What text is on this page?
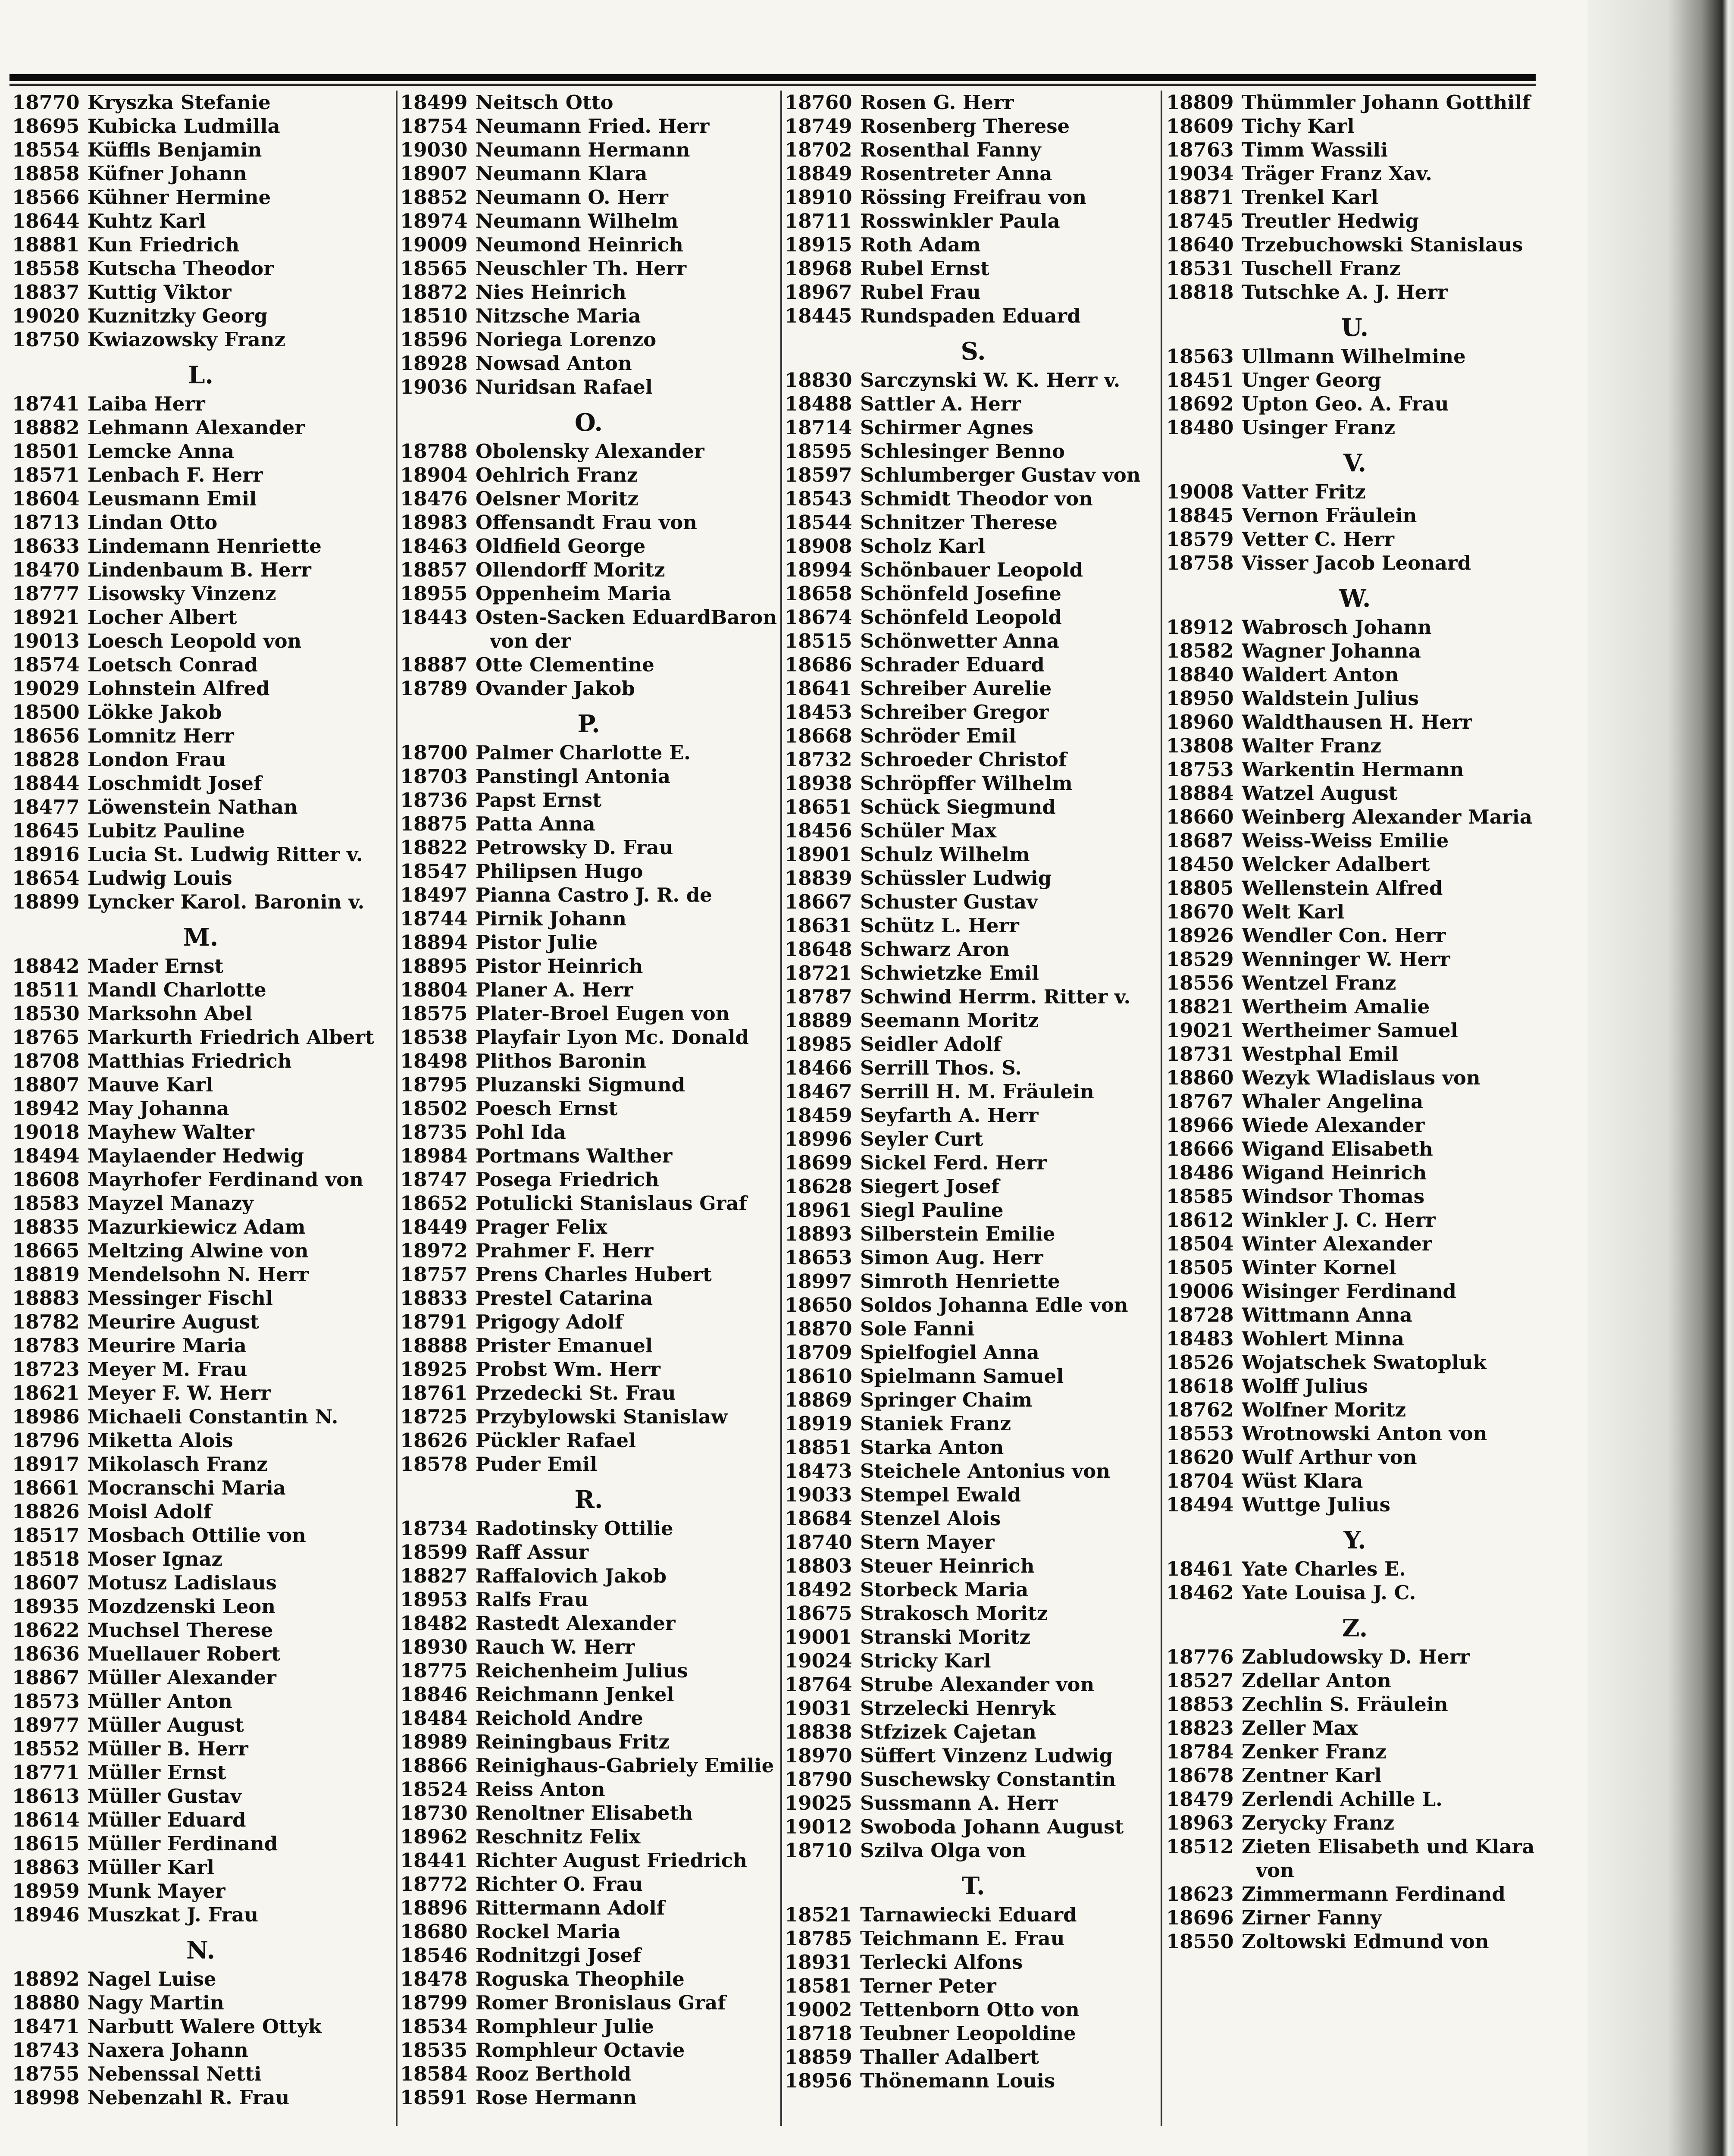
18770 Kryszka Stefanie
18695 Kubicka Ludmilla
18554 Küffls Benjamin
18858 Küfner Johann
18566 Kühner Hermine
18644 Kuhtz Karl
18881 Kun Friedrich
18558 Kutscha Theodor
18837 Kuttig Viktor
19020 Kuznitzky Georg
18750 Kwiazowsky Franz
L.
18741 Laiba Herr
18882 Lehmann Alexander
18501 Lemcke Anna
18571 Lenbach F. Herr
18604 Leusmann Emil
18713 Lindan Otto
18633 Lindemann Henriette
18470 Lindenbaum B. Herr
18777 Lisowsky Vinzenz
18921 Locher Albert
19013 Loesch Leopold von
18574 Loetsch Conrad
19029 Lohnstein Alfred
18500 Lökke Jakob
18656 Lomnitz Herr
18828 London Frau
18844 Loschmidt Josef
18477 Löwenstein Nathan
18645 Lubitz Pauline
18916 Lucia St. Ludwig Ritter v.
18654 Ludwig Louis
18899 Lyncker Karol. Baronin v.
M.
18842 Mader Ernst
18511 Mandl Charlotte
18530 Marksohn Abel
18765 Markurth Friedrich Albert
18708 Matthias Friedrich
18807 Mauve Karl
18942 May Johanna
19018 Mayhew Walter
18494 Maylaender Hedwig
18608 Mayrhofer Ferdinand von
18583 Mayzel Manazy
18835 Mazurkiewicz Adam
18665 Meltzing Alwine von
18819 Mendelsohn N. Herr
18883 Messinger Fischl
18782 Meurire August
18783 Meurire Maria
18723 Meyer M. Frau
18621 Meyer F. W. Herr
18986 Michaeli Constantin N.
18796 Miketta Alois
18917 Mikolasch Franz
18661 Mocranschi Maria
18826 Moisl Adolf
18517 Mosbach Ottilie von
18518 Moser Ignaz
18607 Motusz Ladislaus
18935 Mozdzenski Leon
18622 Muchsel Therese
18636 Muellauer Robert
18867 Müller Alexander
18573 Müller Anton
18977 Müller August
18552 Müller B. Herr
18771 Müller Ernst
18613 Müller Gustav
18614 Müller Eduard
18615 Müller Ferdinand
18863 Müller Karl
18959 Munk Mayer
18946 Muszkat J. Frau
N.
18892 Nagel Luise
18880 Nagy Martin
18471 Narbutt Walere Ottyk
18743 Naxera Johann
18755 Nebenssal Netti
18998 Nebenzahl R. Frau
18499 Neitsch Otto
18754 Neumann Fried. Herr
19030 Neumann Hermann
18907 Neumann Klara
18852 Neumann O. Herr
18974 Neumann Wilhelm
19009 Neumond Heinrich
18565 Neuschler Th. Herr
18872 Nies Heinrich
18510 Nitzsche Maria
18596 Noriega Lorenzo
18928 Nowsad Anton
19036 Nuridsan Rafael
O.
18788 Obolensky Alexander
18904 Oehlrich Franz
18476 Oelsner Moritz
18983 Offensandt Frau von
18463 Oldfield George
18857 Ollendorff Moritz
18955 Oppenheim Maria
18443 Osten-Sacken EduardBaron
von der
18887 Otte Clementine
18789 Ovander Jakob
P.
18700 Palmer Charlotte E.
18703 Panstingl Antonia
18736 Papst Ernst
18875 Patta Anna
18822 Petrowsky D. Frau
18547 Philipsen Hugo
18497 Pianna Castro J. R. de
18744 Pirnik Johann
18894 Pistor Julie
18895 Pistor Heinrich
18804 Planer A. Herr
18575 Plater-Broel Eugen von
18538 Playfair Lyon Mc. Donald
18498 Plithos Baronin
18795 Pluzanski Sigmund
18502 Poesch Ernst
18735 Pohl Ida
18984 Portmans Walther
18747 Posega Friedrich
18652 Potulicki Stanislaus Graf
18449 Prager Felix
18972 Prahmer F. Herr
18757 Prens Charles Hubert
18833 Prestel Catarina
18791 Prigogy Adolf
18888 Prister Emanuel
18925 Probst Wm. Herr
18761 Przedecki St. Frau
18725 Przybylowski Stanislaw
18626 Pückler Rafael
18578 Puder Emil
R.
18734 Radotinsky Ottilie
18599 Raff Assur
18827 Raffalovich Jakob
18953 Ralfs Frau
18482 Rastedt Alexander
18930 Rauch W. Herr
18775 Reichenheim Julius
18846 Reichmann Jenkel
18484 Reichold Andre
18989 Reiningbaus Fritz
18866 Reinighaus-Gabriely Emilie
18524 Reiss Anton
18730 Renoltner Elisabeth
18962 Reschnitz Felix
18441 Richter August Friedrich
18772 Richter O. Frau
18896 Rittermann Adolf
18680 Rockel Maria
18546 Rodnitzgi Josef
18478 Roguska Theophile
18799 Romer Bronislaus Graf
18534 Romphleur Julie
18535 Romphleur Octavie
18584 Rooz Berthold
18591 Rose Hermann
18760 Rosen G. Herr
18749 Rosenberg Therese
18702 Rosenthal Fanny
18849 Rosentreter Anna
18910 Rössing Freifrau von
18711 Rosswinkler Paula
18915 Roth Adam
18968 Rubel Ernst
18967 Rubel Frau
18445 Rundspaden Eduard
S.
18830 Sarczynski W. K. Herr v.
18488 Sattler A. Herr
18714 Schirmer Agnes
18595 Schlesinger Benno
18597 Schlumberger Gustav von
18543 Schmidt Theodor von
18544 Schnitzer Therese
18908 Scholz Karl
18994 Schönbauer Leopold
18658 Schönfeld Josefine
18674 Schönfeld Leopold
18515 Schönwetter Anna
18686 Schrader Eduard
18641 Schreiber Aurelie
18453 Schreiber Gregor
18668 Schröder Emil
18732 Schroeder Christof
18938 Schröpffer Wilhelm
18651 Schück Siegmund
18456 Schüler Max
18901 Schulz Wilhelm
18839 Schüssler Ludwig
18667 Schuster Gustav
18631 Schütz L. Herr
18648 Schwarz Aron
18721 Schwietzke Emil
18787 Schwind Herrm. Ritter v.
18889 Seemann Moritz
18985 Seidler Adolf
18466 Serrill Thos. S.
18467 Serrill H. M. Fräulein
18459 Seyfarth A. Herr
18996 Seyler Curt
18699 Sickel Ferd. Herr
18628 Siegert Josef
18961 Siegl Pauline
18893 Silberstein Emilie
18653 Simon Aug. Herr
18997 Simroth Henriette
18650 Soldos Johanna Edle von
18870 Sole Fanni
18709 Spielfogiel Anna
18610 Spielmann Samuel
18869 Springer Chaim
18919 Staniek Franz
18851 Starka Anton
18473 Steichele Antonius von
19033 Stempel Ewald
18684 Stenzel Alois
18740 Stern Mayer
18803 Steuer Heinrich
18492 Storbeck Maria
18675 Strakosch Moritz
19001 Stranski Moritz
19024 Stricky Karl
18764 Strube Alexander von
19031 Strzelecki Henryk
18838 Stfzizek Cajetan
18970 Süffert Vinzenz Ludwig
18790 Suschewsky Constantin
19025 Sussmann A. Herr
19012 Swoboda Johann August
18710 Szilva Olga von
T.
18521 Tarnawiecki Eduard
18785 Teichmann E. Frau
18931 Terlecki Alfons
18581 Terner Peter
19002 Tettenborn Otto von
18718 Teubner Leopoldine
18859 Thaller Adalbert
18956 Thönemann Louis
18809 Thümmler Johann Gotthilf
18609 Tichy Karl
18763 Timm Wassili
19034 Träger Franz Xav.
18871 Trenkel Karl
18745 Treutler Hedwig
18640 Trzebuchowski Stanislaus
18531 Tuschell Franz
18818 Tutschke A. J. Herr
U.
18563 Ullmann Wilhelmine
18451 Unger Georg
18692 Upton Geo. A. Frau
18480 Usinger Franz
V.
19008 Vatter Fritz
18845 Vernon Fräulein
18579 Vetter C. Herr
18758 Visser Jacob Leonard
W.
18912 Wabrosch Johann
18582 Wagner Johanna
18840 Waldert Anton
18950 Waldstein Julius
18960 Waldthausen H. Herr
13808 Walter Franz
18753 Warkentin Hermann
18884 Watzel August
18660 Weinberg Alexander Maria
18687 Weiss-Weiss Emilie
18450 Welcker Adalbert
18805 Wellenstein Alfred
18670 Welt Karl
18926 Wendler Con. Herr
18529 Wenninger W. Herr
18556 Wentzel Franz
18821 Wertheim Amalie
19021 Wertheimer Samuel
18731 Westphal Emil
18860 Wezyk Wladislaus von
18767 Whaler Angelina
18966 Wiede Alexander
18666 Wigand Elisabeth
18486 Wigand Heinrich
18585 Windsor Thomas
18612 Winkler J. C. Herr
18504 Winter Alexander
18505 Winter Kornel
19006 Wisinger Ferdinand
18728 Wittmann Anna
18483 Wohlert Minna
18526 Wojatschek Swatopluk
18618 Wolff Julius
18762 Wolfner Moritz
18553 Wrotnowski Anton von
18620 Wulf Arthur von
18704 Wüst Klara
18494 Wuttge Julius
Y.
18461 Yate Charles E.
18462 Yate Louisa J. C.
Z.
18776 Zabludowsky D. Herr
18527 Zdellar Anton
18853 Zechlin S. Fräulein
18823 Zeller Max
18784 Zenker Franz
18678 Zentner Karl
18479 Zerlendi Achille L.
18963 Zerycky Franz
18512 Zieten Elisabeth und Klara
von
18623 Zimmermann Ferdinand
18696 Zirner Fanny
18550 Zoltowski Edmund von
